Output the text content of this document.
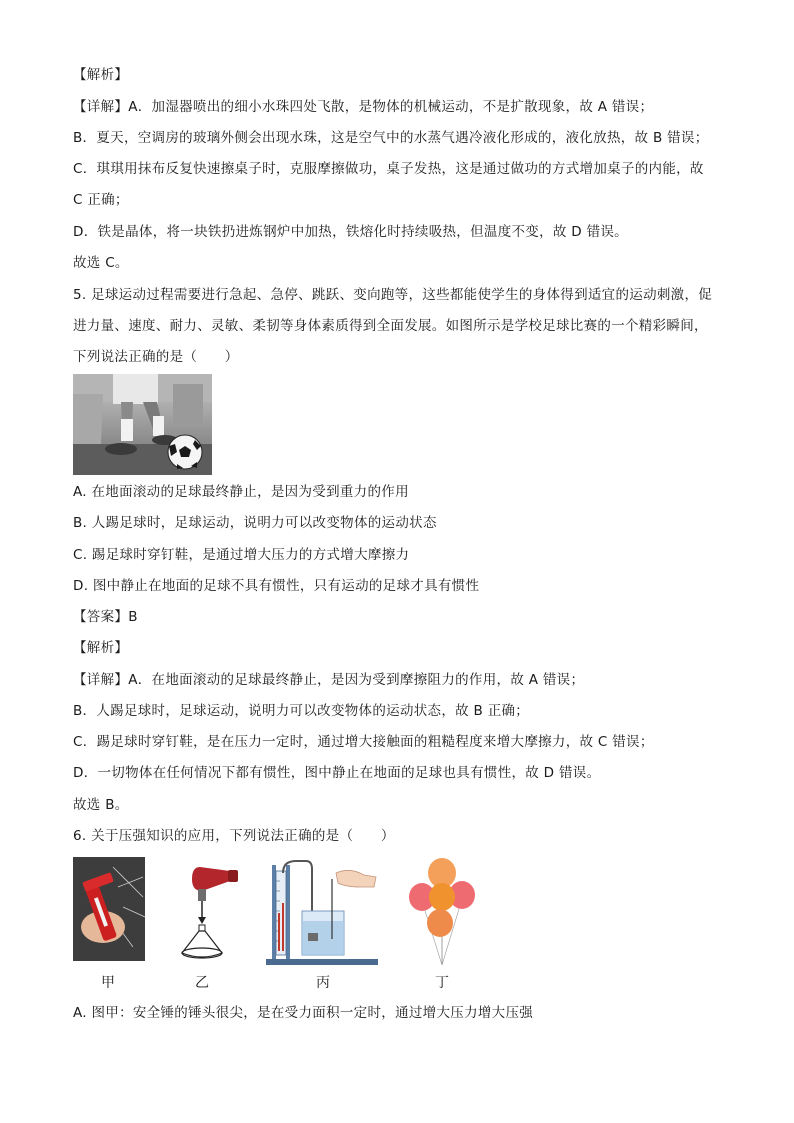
【解析】
【详解】A．加湿器喷出的细小水珠四处飞散，是物体的机械运动，不是扩散现象，故 A 错误；
B．夏天，空调房的玻璃外侧会出现水珠，这是空气中的水蒸气遇冷液化形成的，液化放热，故 B 错误；
C．琪琪用抹布反复快速擦桌子时，克服摩擦做功，桌子发热，这是通过做功的方式增加桌子的内能，故
C 正确；
D．铁是晶体，将一块铁扔进炼钢炉中加热，铁熔化时持续吸热，但温度不变，故 D 错误。
故选 C。
5. 足球运动过程需要进行急起、急停、跳跃、变向跑等，这些都能使学生的身体得到适宜的运动刺激，促
进力量、速度、耐力、灵敏、柔韧等身体素质得到全面发展。如图所示是学校足球比赛的一个精彩瞬间，
下列说法正确的是（　　）
A. 在地面滚动的足球最终静止，是因为受到重力的作用
B. 人踢足球时，足球运动，说明力可以改变物体的运动状态
C. 踢足球时穿钉鞋，是通过增大压力的方式增大摩擦力
D. 图中静止在地面的足球不具有惯性，只有运动的足球才具有惯性
【答案】B
【解析】
【详解】A．在地面滚动的足球最终静止，是因为受到摩擦阻力的作用，故 A 错误；
B．人踢足球时，足球运动，说明力可以改变物体的运动状态，故 B 正确；
C．踢足球时穿钉鞋，是在压力一定时，通过增大接触面的粗糙程度来增大摩擦力，故 C 错误；
D．一切物体在任何情况下都有惯性，图中静止在地面的足球也具有惯性，故 D 错误。
故选 B。
6. 关于压强知识的应用，下列说法正确的是（　　）
甲	乙	丙	丁
A. 图甲：安全锤的锤头很尖，是在受力面积一定时，通过增大压力增大压强
